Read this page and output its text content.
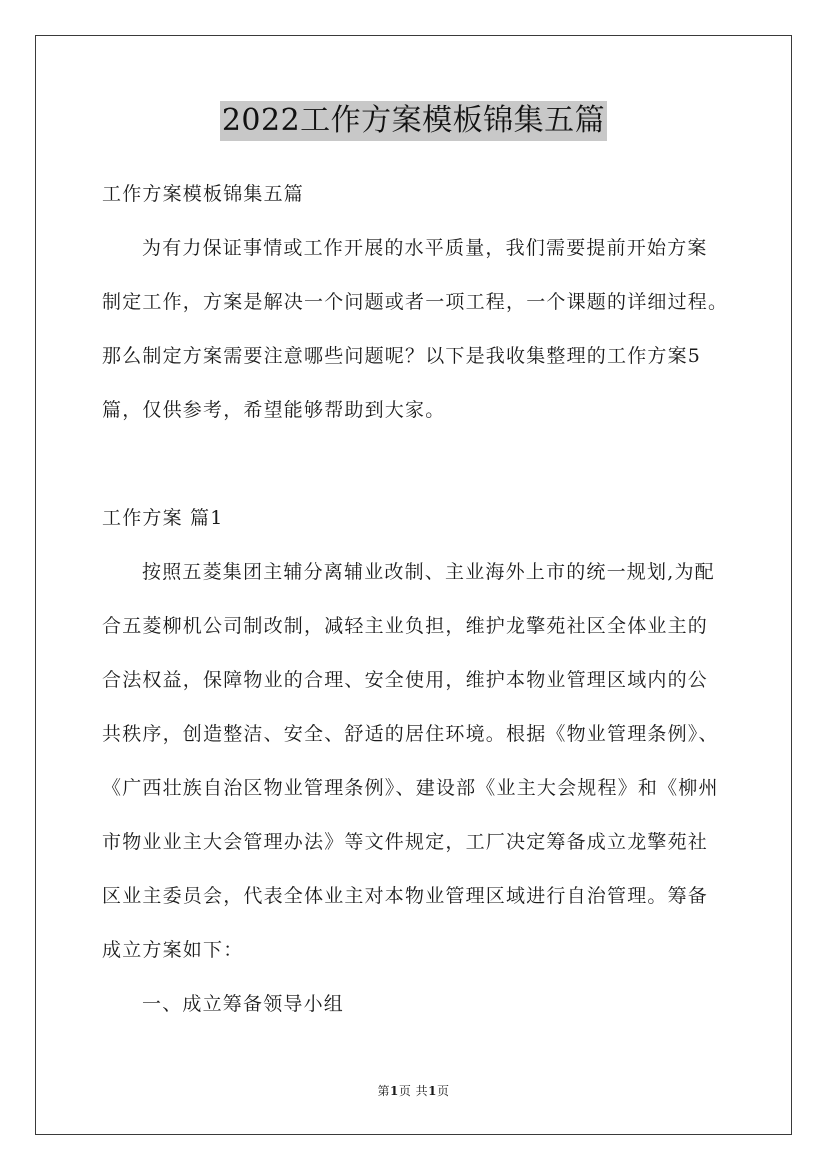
2022工作方案模板锦集五篇
工作方案模板锦集五篇
为有力保证事情或工作开展的水平质量，我们需要提前开始方案
制定工作，方案是解决一个问题或者一项工程，一个课题的详细过程。
那么制定方案需要注意哪些问题呢？以下是我收集整理的工作方案5
篇，仅供参考，希望能够帮助到大家。
工作方案 篇1
按照五菱集团主辅分离辅业改制、主业海外上市的统一规划,为配
合五菱柳机公司制改制，减轻主业负担，维护龙擎苑社区全体业主的
合法权益，保障物业的合理、安全使用，维护本物业管理区域内的公
共秩序，创造整洁、安全、舒适的居住环境。根据《物业管理条例》、
《广西壮族自治区物业管理条例》、建设部《业主大会规程》和《柳州
市物业业主大会管理办法》等文件规定，工厂决定筹备成立龙擎苑社
区业主委员会，代表全体业主对本物业管理区域进行自治管理。筹备
成立方案如下：
一、成立筹备领导小组
第1页 共1页
